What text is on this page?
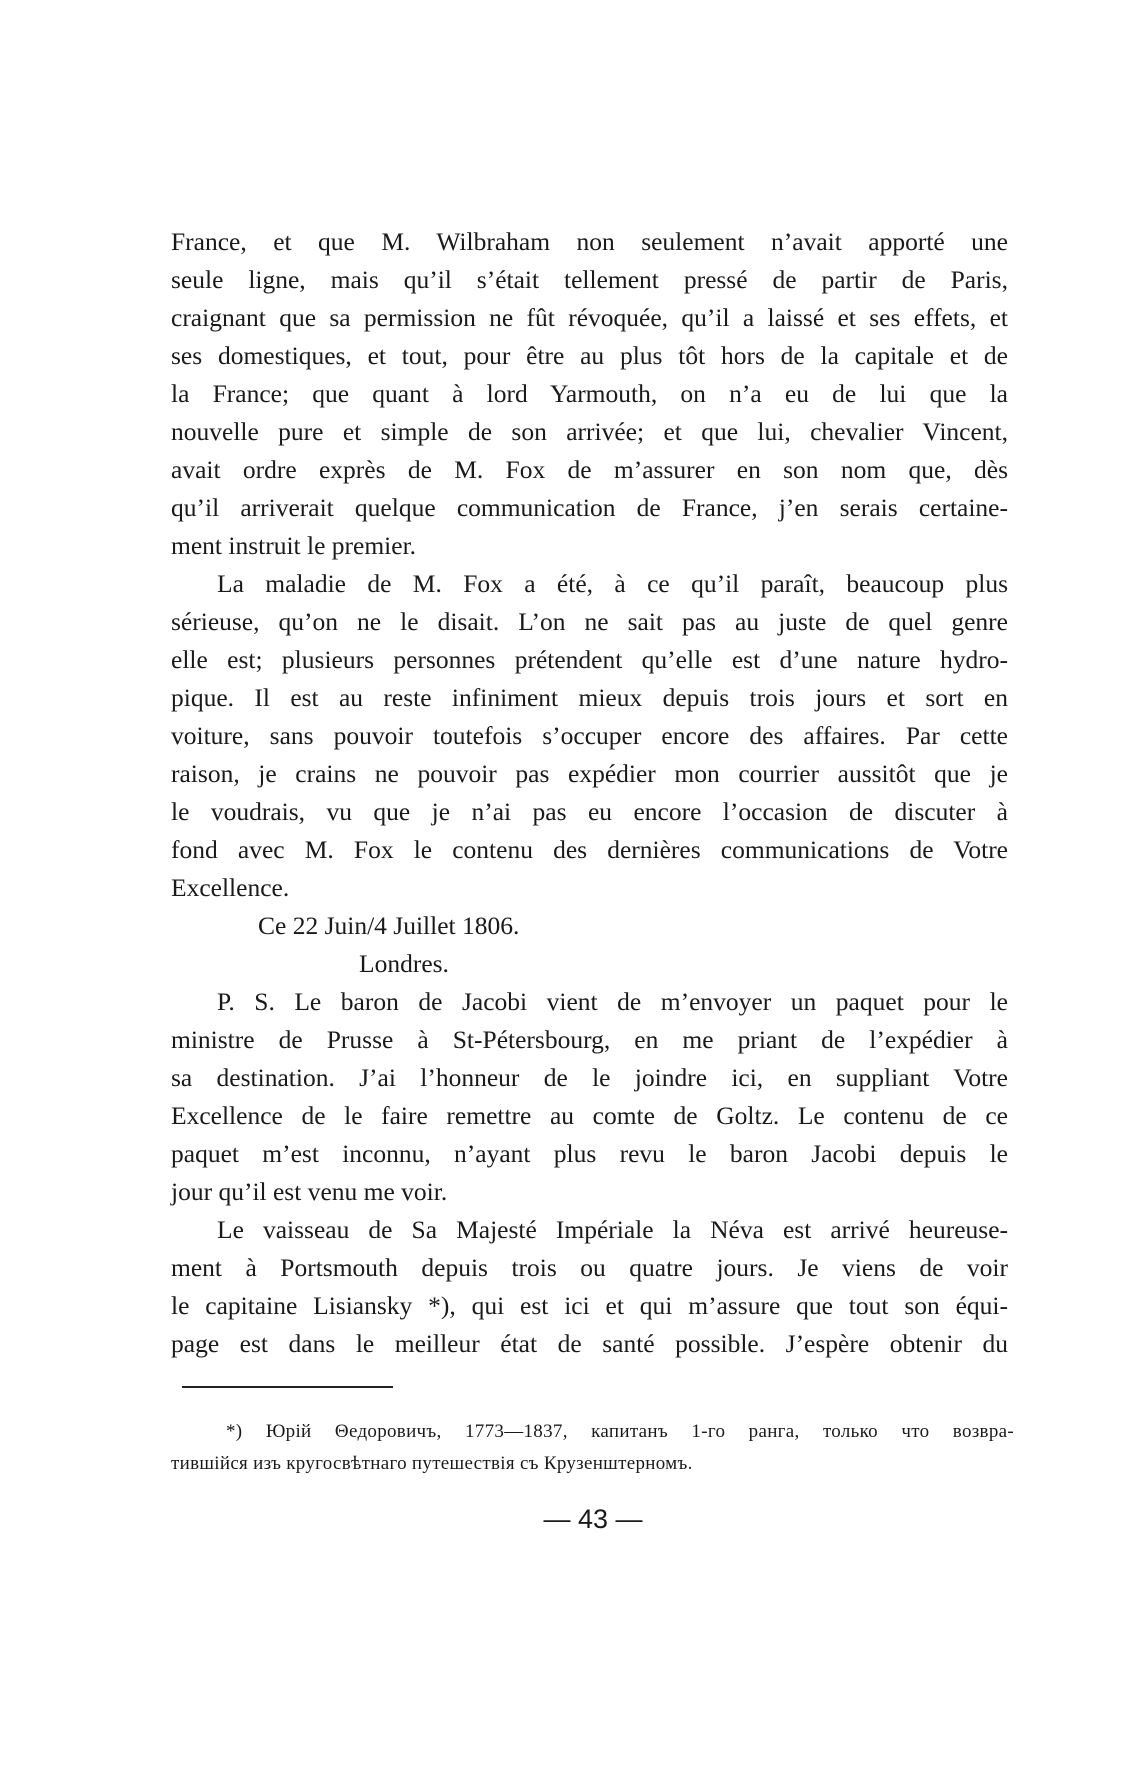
France, et que M. Wilbraham non seulement n’avait apporté une
seule ligne, mais qu’il s’était tellement pressé de partir de Paris,
craignant que sa permission ne fût révoquée, qu’il a laissé et ses effets, et
ses domestiques, et tout, pour être au plus tôt hors de la capitale et de
la France; que quant à lord Yarmouth, on n’a eu de lui que la
nouvelle pure et simple de son arrivée; et que lui, chevalier Vincent,
avait ordre exprès de M. Fox de m’assurer en son nom que, dès
qu’il arriverait quelque communication de France, j’en serais certaine-
ment instruit le premier.
La maladie de M. Fox a été, à ce qu’il paraît, beaucoup plus
sérieuse, qu’on ne le disait. L’on ne sait pas au juste de quel genre
elle est; plusieurs personnes prétendent qu’elle est d’une nature hydro-
pique. Il est au reste infiniment mieux depuis trois jours et sort en
voiture, sans pouvoir toutefois s’occuper encore des affaires. Par cette
raison, je crains ne pouvoir pas expédier mon courrier aussitôt que je
le voudrais, vu que je n’ai pas eu encore l’occasion de discuter à
fond avec M. Fox le contenu des dernières communications de Votre
Excellence.
Ce 22 Juin/4 Juillet 1806.
Londres.
P. S. Le baron de Jacobi vient de m’envoyer un paquet pour le
ministre de Prusse à St-Pétersbourg, en me priant de l’expédier à
sa destination. J’ai l’honneur de le joindre ici, en suppliant Votre
Excellence de le faire remettre au comte de Goltz. Le contenu de ce
paquet m’est inconnu, n’ayant plus revu le baron Jacobi depuis le
jour qu’il est venu me voir.
Le vaisseau de Sa Majesté Impériale la Néva est arrivé heureuse-
ment à Portsmouth depuis trois ou quatre jours. Je viens de voir
le capitaine Lisiansky *), qui est ici et qui m’assure que tout son équi-
page est dans le meilleur état de santé possible. J’espère obtenir du
*) Юрій Θедоровичъ, 1773—1837, капитанъ 1-го ранга, только что возвра-
тившійся изъ кругосвѣтнаго путешествія съ Крузенштерномъ.
— 43 —
